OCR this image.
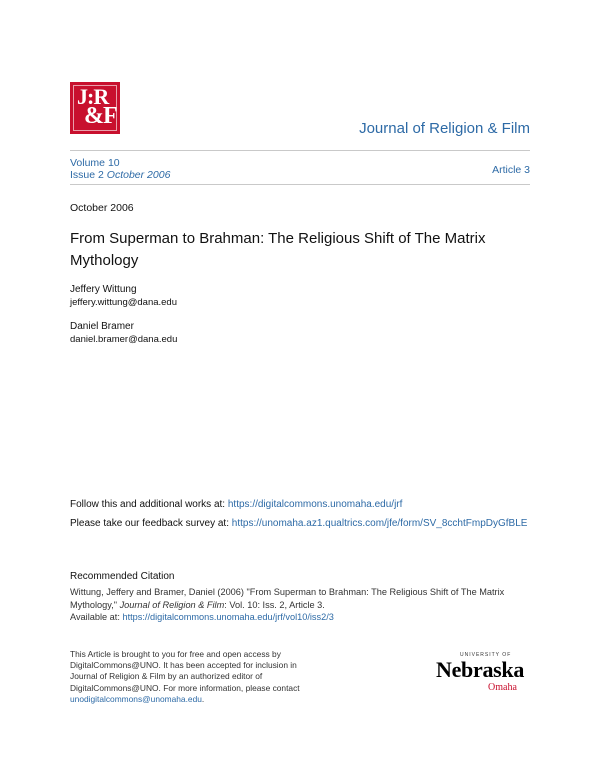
J:R
&F	Journal of Religion & Film
Volume 10
Issue 2 October 2006	Article 3
October 2006
From Superman to Brahman: The Religious Shift of The Matrix Mythology
Jeffery Wittung
jeffery.wittung@dana.edu
Daniel Bramer
daniel.bramer@dana.edu
Follow this and additional works at: https://digitalcommons.unomaha.edu/jrf
Please take our feedback survey at: https://unomaha.az1.qualtrics.com/jfe/form/SV_8cchtFmpDyGfBLE
Recommended Citation
Wittung, Jeffery and Bramer, Daniel (2006) "From Superman to Brahman: The Religious Shift of The Matrix Mythology," Journal of Religion & Film: Vol. 10: Iss. 2, Article 3.
Available at: https://digitalcommons.unomaha.edu/jrf/vol10/iss2/3
This Article is brought to you for free and open access by DigitalCommons@UNO. It has been accepted for inclusion in Journal of Religion & Film by an authorized editor of DigitalCommons@UNO. For more information, please contact unodigitalcommons@unomaha.edu.
UNIVERSITY OF
Nebraska
Omaha
